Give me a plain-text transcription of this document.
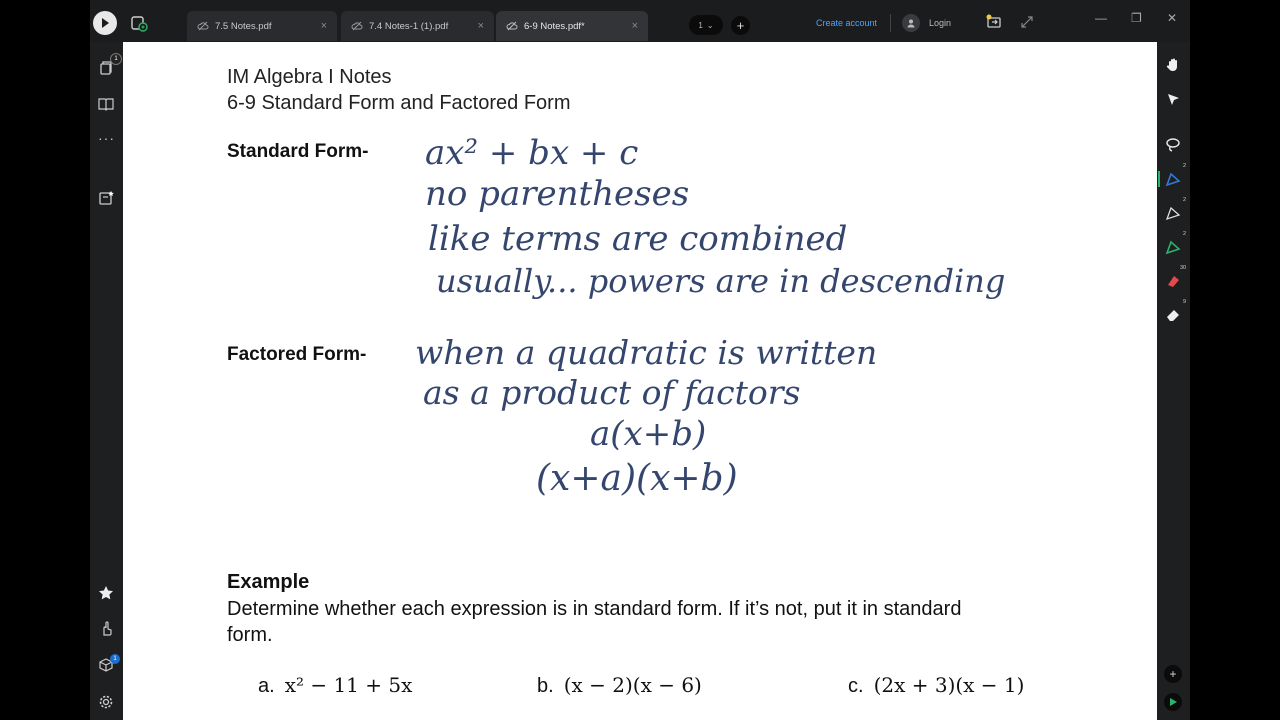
7.5 Notes.pdf	×	7.4 Notes-1 (1).pdf	×	6-9 Notes.pdf*	×	1 ⌄	+	Create account	Login	— ❐ ✕
1
···
1
2
2
2
30
9
+
IM Algebra I Notes
6-9 Standard Form and Factored Form
Standard Form-
Factored Form-
ax² + bx + c
no parentheses
like terms are combined
usually... powers are in descending
when a quadratic is written
as a product of factors
a(x+b)
(x+a)(x+b)
Example
Determine whether each expression is in standard form. If it’s not, put it in standard form.
a. x² − 11 + 5x	b. (x − 2)(x − 6)	c. (2x + 3)(x − 1)
